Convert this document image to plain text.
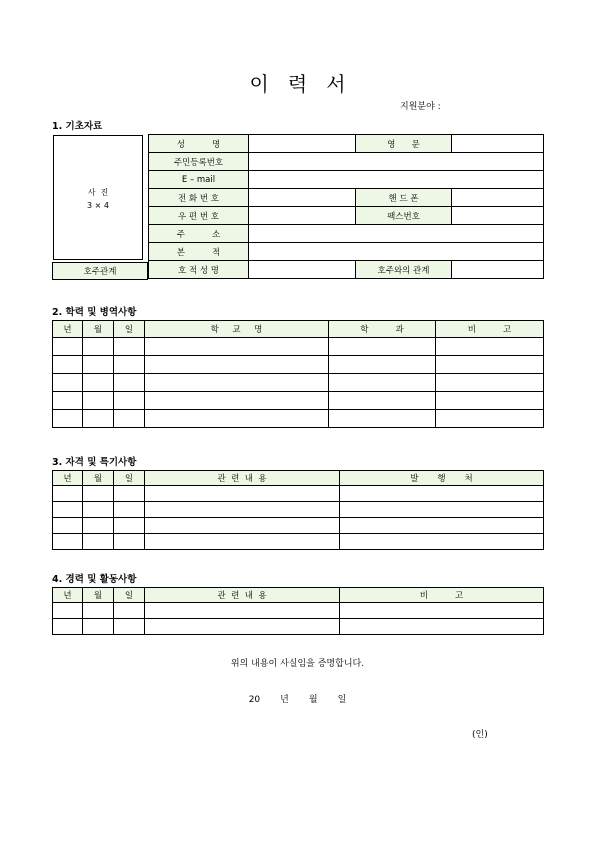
이   력   서
지원분야 :
1. 기초자료
사  진
3 × 4
호주관계
성          명		영      문	
주민등록번호			
E – mail			
전 화 번 호		핸 드 폰	
우 편 번 호		팩스번호	
주          소			
본          적			
호 적 성 명		호주와의 관계	
2. 학력 및 병역사항
년	월	일	학     교     명	학          과	비          고

3. 자격 및 특기사항
년	월	일	관  련  내  용	발       행       처

4. 경력 및 활동사항
년	월	일	관  련  내  용	비          고

위의 내용이 사실임을 증명합니다.
20       년       월       일
(인)
